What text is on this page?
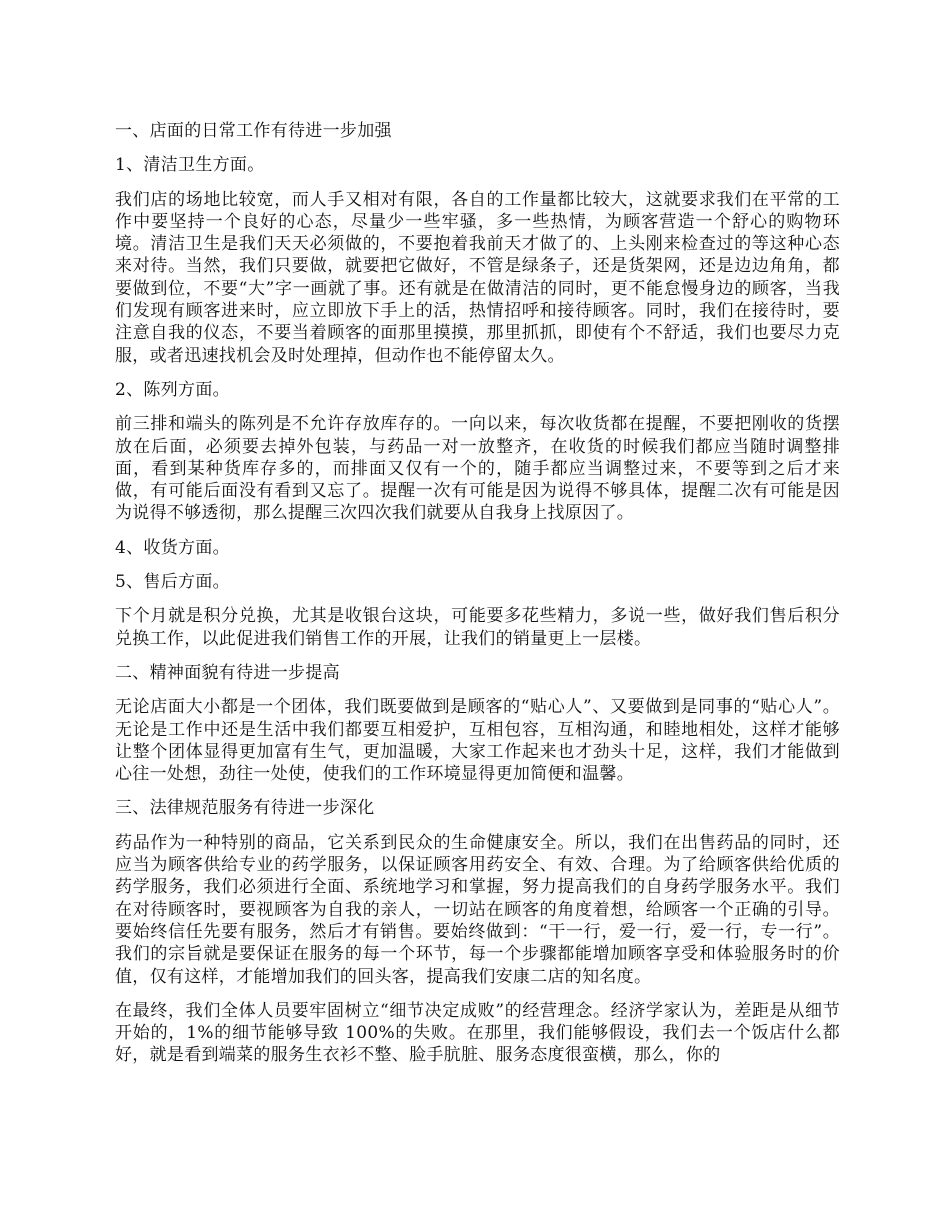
一、店面的日常工作有待进一步加强

1、清洁卫生方面。

我们店的场地比较宽，而人手又相对有限，各自的工作量都比较大，这就要求我们在平常的工作中要坚持一个良好的心态，尽量少一些牢骚，多一些热情，为顾客营造一个舒心的购物环境。清洁卫生是我们天天必须做的，不要抱着我前天才做了的、上头刚来检查过的等这种心态来对待。当然，我们只要做，就要把它做好，不管是绿条子，还是货架网，还是边边角角，都要做到位，不要“大”字一画就了事。还有就是在做清洁的同时，更不能怠慢身边的顾客，当我们发现有顾客进来时，应立即放下手上的活，热情招呼和接待顾客。同时，我们在接待时，要注意自我的仪态，不要当着顾客的面那里摸摸，那里抓抓，即使有个不舒适，我们也要尽力克服，或者迅速找机会及时处理掉，但动作也不能停留太久。

2、陈列方面。

前三排和端头的陈列是不允许存放库存的。一向以来，每次收货都在提醒，不要把刚收的货摆放在后面，必须要去掉外包装，与药品一对一放整齐，在收货的时候我们都应当随时调整排面，看到某种货库存多的，而排面又仅有一个的，随手都应当调整过来，不要等到之后才来做，有可能后面没有看到又忘了。提醒一次有可能是因为说得不够具体，提醒二次有可能是因为说得不够透彻，那么提醒三次四次我们就要从自我身上找原因了。

4、收货方面。

5、售后方面。

下个月就是积分兑换，尤其是收银台这块，可能要多花些精力，多说一些，做好我们售后积分兑换工作，以此促进我们销售工作的开展，让我们的销量更上一层楼。

二、精神面貌有待进一步提高

无论店面大小都是一个团体，我们既要做到是顾客的“贴心人”、又要做到是同事的“贴心人”。无论是工作中还是生活中我们都要互相爱护，互相包容，互相沟通，和睦地相处，这样才能够让整个团体显得更加富有生气，更加温暖，大家工作起来也才劲头十足，这样，我们才能做到心往一处想，劲往一处使，使我们的工作环境显得更加简便和温馨。

三、法律规范服务有待进一步深化

药品作为一种特别的商品，它关系到民众的生命健康安全。所以，我们在出售药品的同时，还应当为顾客供给专业的药学服务，以保证顾客用药安全、有效、合理。为了给顾客供给优质的药学服务，我们必须进行全面、系统地学习和掌握，努力提高我们的自身药学服务水平。我们在对待顾客时，要视顾客为自我的亲人，一切站在顾客的角度着想，给顾客一个正确的引导。要始终信任先要有服务，然后才有销售。要始终做到：“干一行，爱一行，爱一行，专一行”。我们的宗旨就是要保证在服务的每一个环节，每一个步骤都能增加顾客享受和体验服务时的价值，仅有这样，才能增加我们的回头客，提高我们安康二店的知名度。

在最终，我们全体人员要牢固树立“细节决定成败”的经营理念。经济学家认为，差距是从细节开始的，1%的细节能够导致 100%的失败。在那里，我们能够假设，我们去一个饭店什么都好，就是看到端菜的服务生衣衫不整、脸手肮脏、服务态度很蛮横，那么，你的
